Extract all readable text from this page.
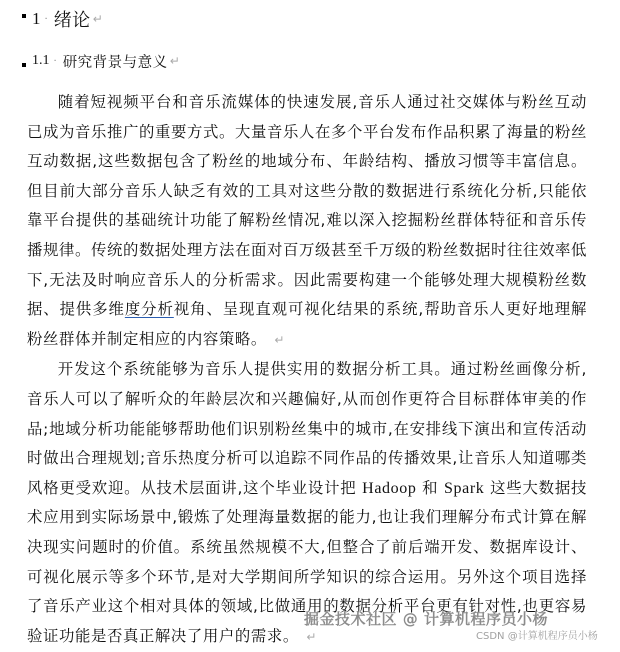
1 · 绪论 ↵
1.1 · 研究背景与意义 ↵

随着短视频平台和音乐流媒体的快速发展,音乐人通过社交媒体与粉丝互动已成为音乐推广的重要方式。大量音乐人在多个平台发布作品积累了海量的粉丝互动数据,这些数据包含了粉丝的地域分布、年龄结构、播放习惯等丰富信息。但目前大部分音乐人缺乏有效的工具对这些分散的数据进行系统化分析,只能依靠平台提供的基础统计功能了解粉丝情况,难以深入挖掘粉丝群体特征和音乐传播规律。传统的数据处理方法在面对百万级甚至千万级的粉丝数据时往往效率低下,无法及时响应音乐人的分析需求。因此需要构建一个能够处理大规模粉丝数据、提供多维度分析视角、呈现直观可视化结果的系统,帮助音乐人更好地理解粉丝群体并制定相应的内容策略。 ↵

开发这个系统能够为音乐人提供实用的数据分析工具。通过粉丝画像分析,音乐人可以了解听众的年龄层次和兴趣偏好,从而创作更符合目标群体审美的作品;地域分析功能能够帮助他们识别粉丝集中的城市,在安排线下演出和宣传活动时做出合理规划;音乐热度分析可以追踪不同作品的传播效果,让音乐人知道哪类风格更受欢迎。从技术层面讲,这个毕业设计把 Hadoop 和 Spark 这些大数据技术应用到实际场景中,锻炼了处理海量数据的能力,也让我们理解分布式计算在解决现实问题时的价值。系统虽然规模不大,但整合了前后端开发、数据库设计、可视化展示等多个环节,是对大学期间所学知识的综合运用。另外这个项目选择了音乐产业这个相对具体的领域,比做通用的数据分析平台更有针对性,也更容易验证功能是否真正解决了用户的需求。 ↵

掘金技术社区 @ 计算机程序员小杨
CSDN @计算机程序员小杨
